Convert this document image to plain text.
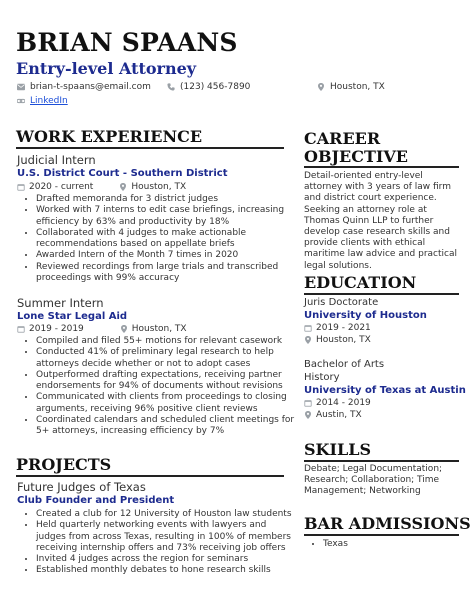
BRIAN SPAANS
Entry-level Attorney
brian-t-spaans@email.com	(123) 456-7890	Houston, TX
LinkedIn
WORK EXPERIENCE
Judicial Intern
U.S. District Court - Southern District
2020 - current	Houston, TX
• Drafted memoranda for 3 district judges
• Worked with 7 interns to edit case briefings, increasing efficiency by 63% and productivity by 18%
• Collaborated with 4 judges to make actionable recommendations based on appellate briefs
• Awarded Intern of the Month 7 times in 2020
• Reviewed recordings from large trials and transcribed proceedings with 99% accuracy
Summer Intern
Lone Star Legal Aid
2019 - 2019	Houston, TX
• Compiled and filed 55+ motions for relevant casework
• Conducted 41% of preliminary legal research to help attorneys decide whether or not to adopt cases
• Outperformed drafting expectations, receiving partner endorsements for 94% of documents without revisions
• Communicated with clients from proceedings to closing arguments, receiving 96% positive client reviews
• Coordinated calendars and scheduled client meetings for 5+ attorneys, increasing efficiency by 7%
PROJECTS
Future Judges of Texas
Club Founder and President
• Created a club for 12 University of Houston law students
• Held quarterly networking events with lawyers and judges from across Texas, resulting in 100% of members receiving internship offers and 73% receiving job offers
• Invited 4 judges across the region for seminars
• Established monthly debates to hone research skills
CAREER
OBJECTIVE
Detail-oriented entry-level attorney with 3 years of law firm and district court experience. Seeking an attorney role at Thomas Quinn LLP to further develop case research skills and provide clients with ethical maritime law advice and practical legal solutions.
EDUCATION
Juris Doctorate
University of Houston
2019 - 2021
Houston, TX
Bachelor of Arts
History
University of Texas at Austin
2014 - 2019
Austin, TX
SKILLS
Debate; Legal Documentation; Research; Collaboration; Time Management; Networking
BAR ADMISSIONS
• Texas
